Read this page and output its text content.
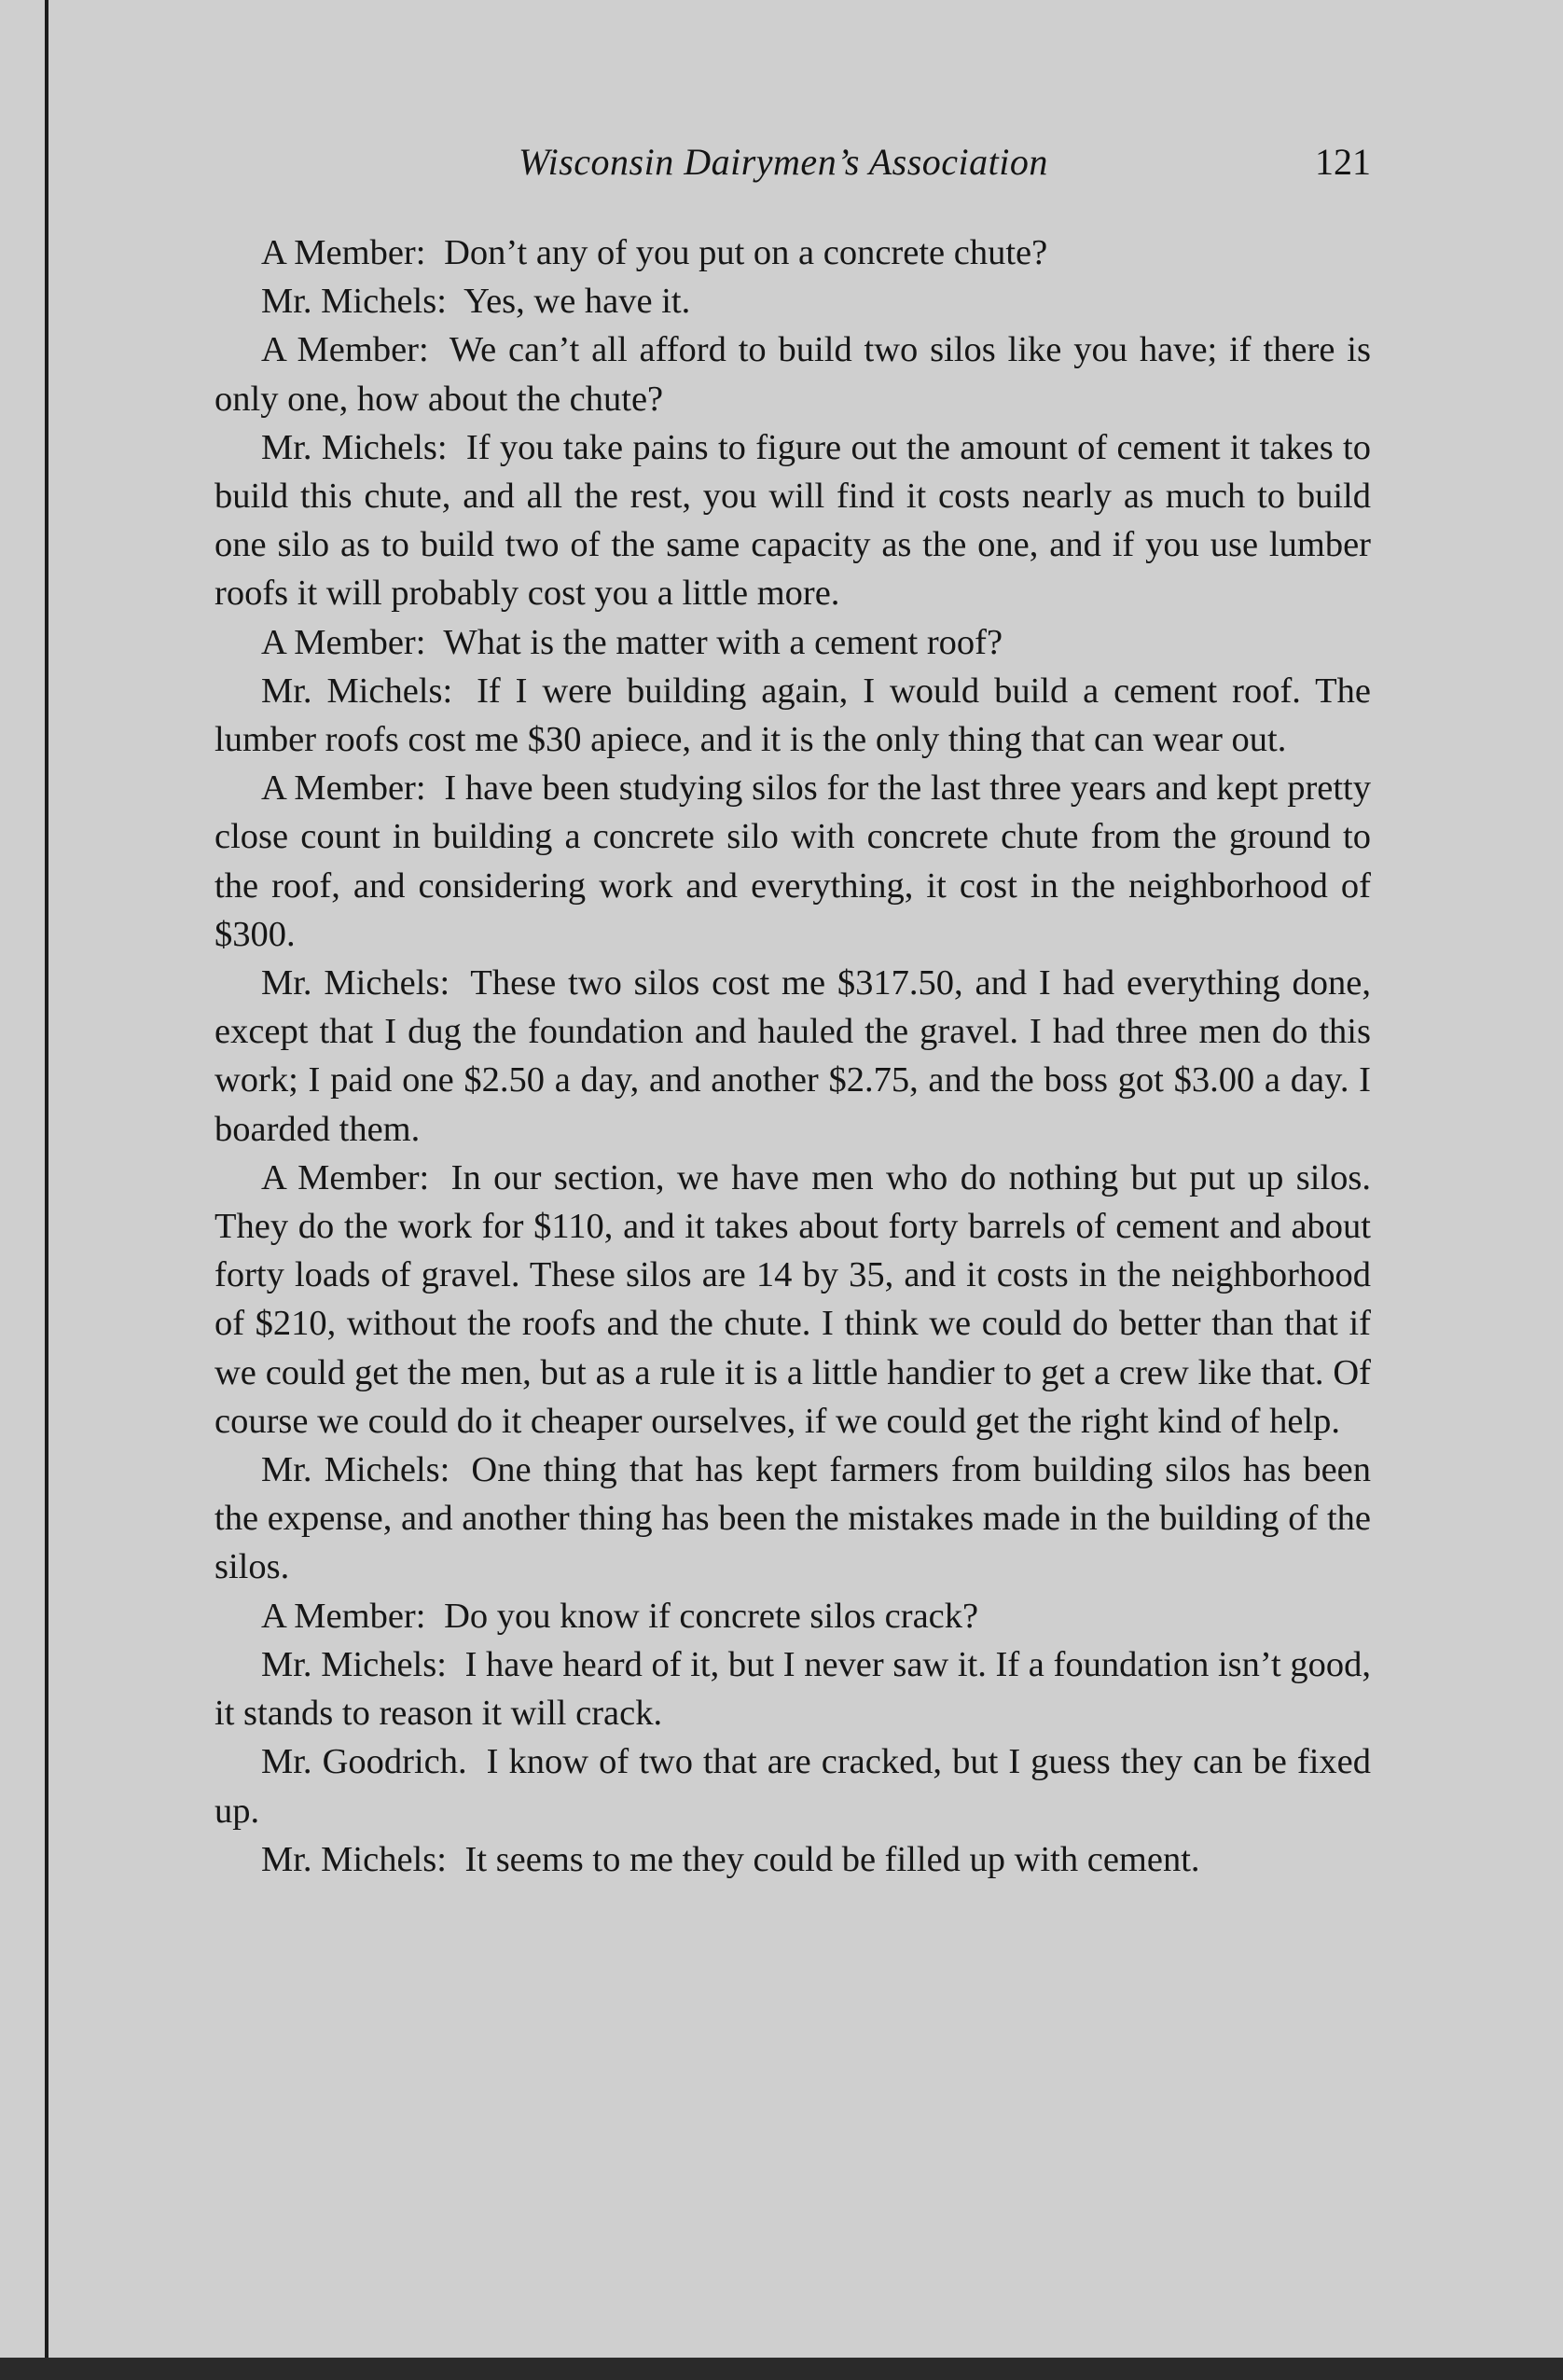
Wisconsin Dairymen’s Association	121

A Member: Don’t any of you put on a concrete chute?

Mr. Michels: Yes, we have it.

A Member: We can’t all afford to build two silos like you have; if there is only one, how about the chute?

Mr. Michels: If you take pains to figure out the amount of cement it takes to build this chute, and all the rest, you will find it costs nearly as much to build one silo as to build two of the same capacity as the one, and if you use lumber roofs it will probably cost you a little more.

A Member: What is the matter with a cement roof?

Mr. Michels: If I were building again, I would build a cement roof. The lumber roofs cost me $30 apiece, and it is the only thing that can wear out.

A Member: I have been studying silos for the last three years and kept pretty close count in building a concrete silo with concrete chute from the ground to the roof, and considering work and everything, it cost in the neighborhood of $300.

Mr. Michels: These two silos cost me $317.50, and I had everything done, except that I dug the foundation and hauled the gravel. I had three men do this work; I paid one $2.50 a day, and another $2.75, and the boss got $3.00 a day. I boarded them.

A Member: In our section, we have men who do nothing but put up silos. They do the work for $110, and it takes about forty barrels of cement and about forty loads of gravel. These silos are 14 by 35, and it costs in the neighborhood of $210, without the roofs and the chute. I think we could do better than that if we could get the men, but as a rule it is a little handier to get a crew like that. Of course we could do it cheaper ourselves, if we could get the right kind of help.

Mr. Michels: One thing that has kept farmers from building silos has been the expense, and another thing has been the mistakes made in the building of the silos.

A Member: Do you know if concrete silos crack?

Mr. Michels: I have heard of it, but I never saw it. If a foundation isn’t good, it stands to reason it will crack.

Mr. Goodrich. I know of two that are cracked, but I guess they can be fixed up.

Mr. Michels: It seems to me they could be filled up with cement.
